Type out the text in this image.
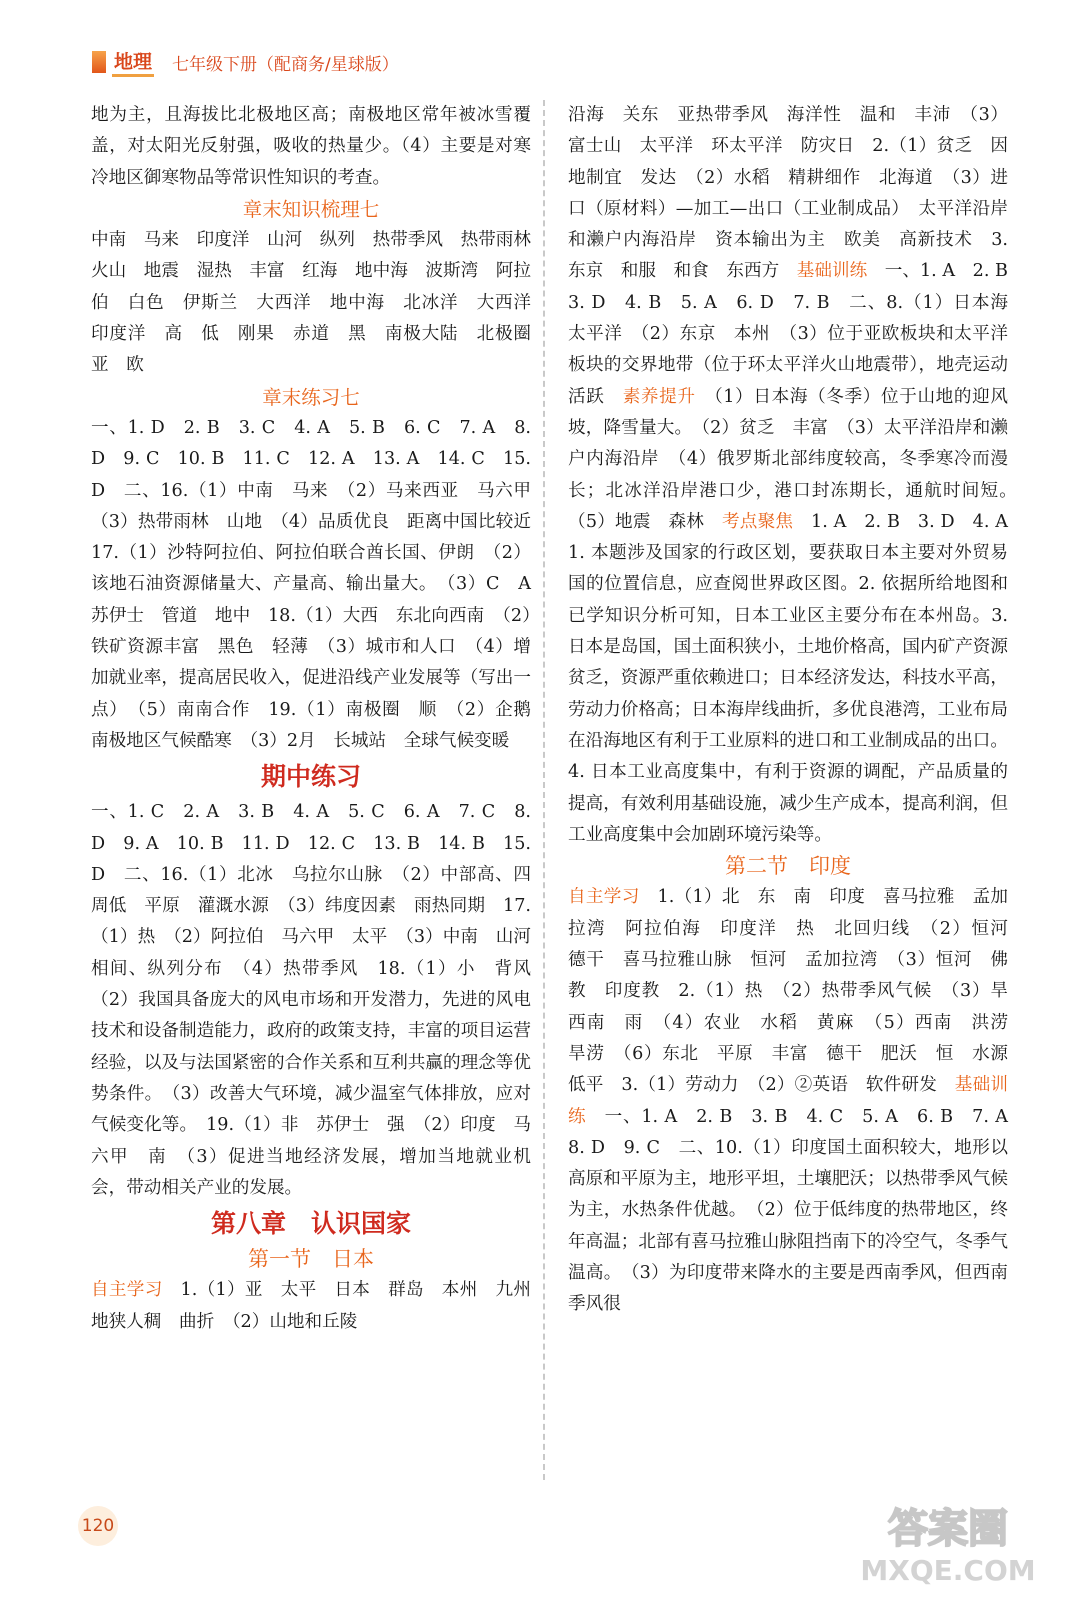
地理 七年级下册（配商务/星球版）

地为主，且海拔比北极地区高；南极地区常年被冰雪覆盖，对太阳光反射强，吸收的热量少。（4）主要是对寒冷地区御寒物品等常识性知识的考查。

章末知识梳理七

中南　马来　印度洋　山河　纵列　热带季风　热带雨林　火山　地震　湿热　丰富　红海　地中海　波斯湾　阿拉伯　白色　伊斯兰　大西洋　地中海　北冰洋　大西洋　印度洋　高　低　刚果　赤道　黑　南极大陆　北极圈　亚　欧

章末练习七

一、1. D　2. B　3. C　4. A　5. B　6. C　7. A　8. D　9. C　10. B　11. C　12. A　13. A　14. C　15. D　二、16.（1）中南　马来　（2）马来西亚　马六甲　（3）热带雨林　山地　（4）品质优良　距离中国比较近　17.（1）沙特阿拉伯、阿拉伯联合酋长国、伊朗　（2）该地石油资源储量大、产量高、输出量大。　（3）C　A　苏伊士　管道　地中　18.（1）大西　东北向西南　（2）铁矿资源丰富　黑色　轻薄　（3）城市和人口　（4）增加就业率，提高居民收入，促进沿线产业发展等（写出一点）　（5）南南合作　19.（1）南极圈　顺　（2）企鹅　南极地区气候酷寒　（3）2月　长城站　全球气候变暖

期中练习

一、1. C　2. A　3. B　4. A　5. C　6. A　7. C　8. D　9. A　10. B　11. D　12. C　13. B　14. B　15. D　二、16.（1）北冰　乌拉尔山脉　（2）中部高、四周低　平原　灌溉水源　（3）纬度因素　雨热同期　17.（1）热　（2）阿拉伯　马六甲　太平　（3）中南　山河相间、纵列分布　（4）热带季风　18.（1）小　背风　（2）我国具备庞大的风电市场和开发潜力，先进的风电技术和设备制造能力，政府的政策支持，丰富的项目运营经验，以及与法国紧密的合作关系和互利共赢的理念等优势条件。　（3）改善大气环境，减少温室气体排放，应对气候变化等。　19.（1）非　苏伊士　强　（2）印度　马六甲　南　（3）促进当地经济发展，增加当地就业机会，带动相关产业的发展。

第八章　认识国家

第一节　日本

自主学习　1.（1）亚　太平　日本　群岛　本州　九州　地狭人稠　曲折　（2）山地和丘陵

沿海　关东　亚热带季风　海洋性　温和　丰沛　（3）富士山　太平洋　环太平洋　防灾日　2.（1）贫乏　因地制宜　发达　（2）水稻　精耕细作　北海道　（3）进口（原材料）—加工—出口（工业制成品）　太平洋沿岸和濑户内海沿岸　资本输出为主　欧美　高新技术　3. 东京　和服　和食　东西方　基础训练　一、1. A　2. B　3. D　4. B　5. A　6. D　7. B　二、8.（1）日本海　太平洋　（2）东京　本州　（3）位于亚欧板块和太平洋板块的交界地带（位于环太平洋火山地震带），地壳运动活跃　素养提升　（1）日本海（冬季）位于山地的迎风坡，降雪量大。　（2）贫乏　丰富　（3）太平洋沿岸和濑户内海沿岸　（4）俄罗斯北部纬度较高，冬季寒冷而漫长；北冰洋沿岸港口少，港口封冻期长，通航时间短。　（5）地震　森林　考点聚焦　1. A　2. B　3. D　4. A　1. 本题涉及国家的行政区划，要获取日本主要对外贸易国的位置信息，应查阅世界政区图。2. 依据所给地图和已学知识分析可知，日本工业区主要分布在本州岛。3. 日本是岛国，国土面积狭小，土地价格高，国内矿产资源贫乏，资源严重依赖进口；日本经济发达，科技水平高，劳动力价格高；日本海岸线曲折，多优良港湾，工业布局在沿海地区有利于工业原料的进口和工业制成品的出口。4. 日本工业高度集中，有利于资源的调配，产品质量的提高，有效利用基础设施，减少生产成本，提高利润，但工业高度集中会加剧环境污染等。

第二节　印度

自主学习　1.（1）北　东　南　印度　喜马拉雅　孟加拉湾　阿拉伯海　印度洋　热　北回归线　（2）恒河　德干　喜马拉雅山脉　恒河　孟加拉湾　（3）恒河　佛教　印度教　2.（1）热　（2）热带季风气候　（3）旱　西南　雨　（4）农业　水稻　黄麻　（5）西南　洪涝　旱涝　（6）东北　平原　丰富　德干　肥沃　恒　水源　低平　3.（1）劳动力　（2）②英语　软件研发　基础训练　一、1. A　2. B　3. B　4. C　5. A　6. B　7. A　8. D　9. C　二、10.（1）印度国土面积较大，地形以高原和平原为主，地形平坦，土壤肥沃；以热带季风气候为主，水热条件优越。　（2）位于低纬度的热带地区，终年高温；北部有喜马拉雅山脉阻挡南下的冷空气，冬季气温高。　（3）为印度带来降水的主要是西南季风，但西南季风很

120	答案圈
MXQE.COM
